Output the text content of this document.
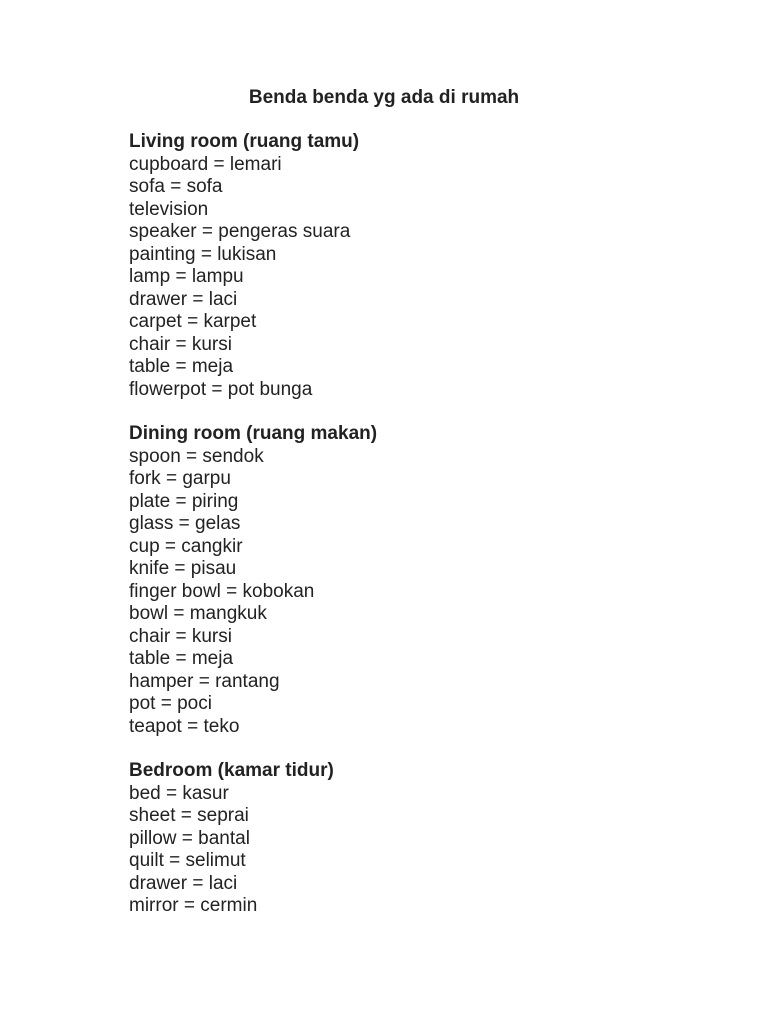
Benda benda yg ada di rumah
Living room (ruang tamu)
cupboard = lemari
sofa = sofa
television
speaker = pengeras suara
painting = lukisan
lamp = lampu
drawer = laci
carpet = karpet
chair = kursi
table = meja
flowerpot = pot bunga
Dining room (ruang makan)
spoon = sendok
fork = garpu
plate = piring
glass = gelas
cup = cangkir
knife = pisau
finger bowl = kobokan
bowl = mangkuk
chair = kursi
table = meja
hamper = rantang
pot = poci
teapot = teko
Bedroom (kamar tidur)
bed = kasur
sheet = seprai
pillow = bantal
quilt = selimut
drawer = laci
mirror = cermin
